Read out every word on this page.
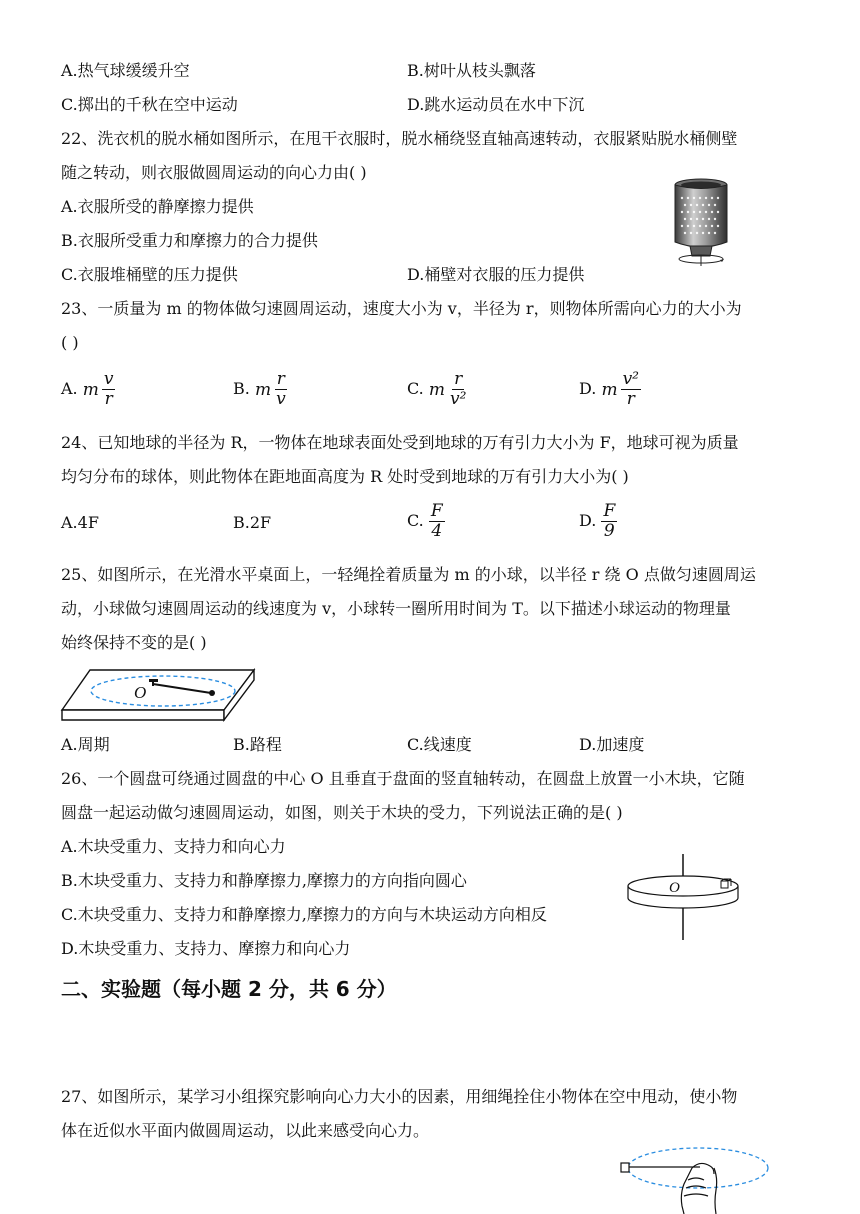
A.热气球缓缓升空	B.树叶从枝头飘落
C.掷出的千秋在空中运动	D.跳水运动员在水中下沉
22、洗衣机的脱水桶如图所示，在甩干衣服时，脱水桶绕竖直轴高速转动，衣服紧贴脱水桶侧壁
随之转动，则衣服做圆周运动的向心力由( )
A.衣服所受的静摩擦力提供
B.衣服所受重力和摩擦力的合力提供
C.衣服堆桶壁的压力提供	D.桶壁对衣服的压力提供
23、一质量为 m 的物体做匀速圆周运动，速度大小为 v，半径为 r，则物体所需向心力的大小为
( )
A. m $\frac{v}{r}$	B. m $\frac{r}{v}$	C. m $\frac{r}{\text{v²}}$	D. m $\frac{\text{v²}}{r}$
24、已知地球的半径为 R，一物体在地球表面处受到地球的万有引力大小为 F，地球可视为质量
均匀分布的球体，则此物体在距地面高度为 R 处时受到地球的万有引力大小为( )
A.4F	B.2F	C. $\frac{F}{4}$	D. $\frac{F}{9}$
25、如图所示，在光滑水平桌面上，一轻绳拴着质量为 m 的小球，以半径 r 绕 O 点做匀速圆周运
动，小球做匀速圆周运动的线速度为 v，小球转一圈所用时间为 T。以下描述小球运动的物理量
始终保持不变的是( )
O
A.周期	B.路程	C.线速度	D.加速度
26、一个圆盘可绕通过圆盘的中心 O 且垂直于盘面的竖直轴转动，在圆盘上放置一小木块，它随
圆盘一起运动做匀速圆周运动，如图，则关于木块的受力，下列说法正确的是( )
A.木块受重力、支持力和向心力
B.木块受重力、支持力和静摩擦力,摩擦力的方向指向圆心
C.木块受重力、支持力和静摩擦力,摩擦力的方向与木块运动方向相反
D.木块受重力、支持力、摩擦力和向心力
O
二、实验题（每小题 2 分，共 6 分）
27、如图所示，某学习小组探究影响向心力大小的因素，用细绳拴住小物体在空中甩动，使小物
体在近似水平面内做圆周运动，以此来感受向心力。
